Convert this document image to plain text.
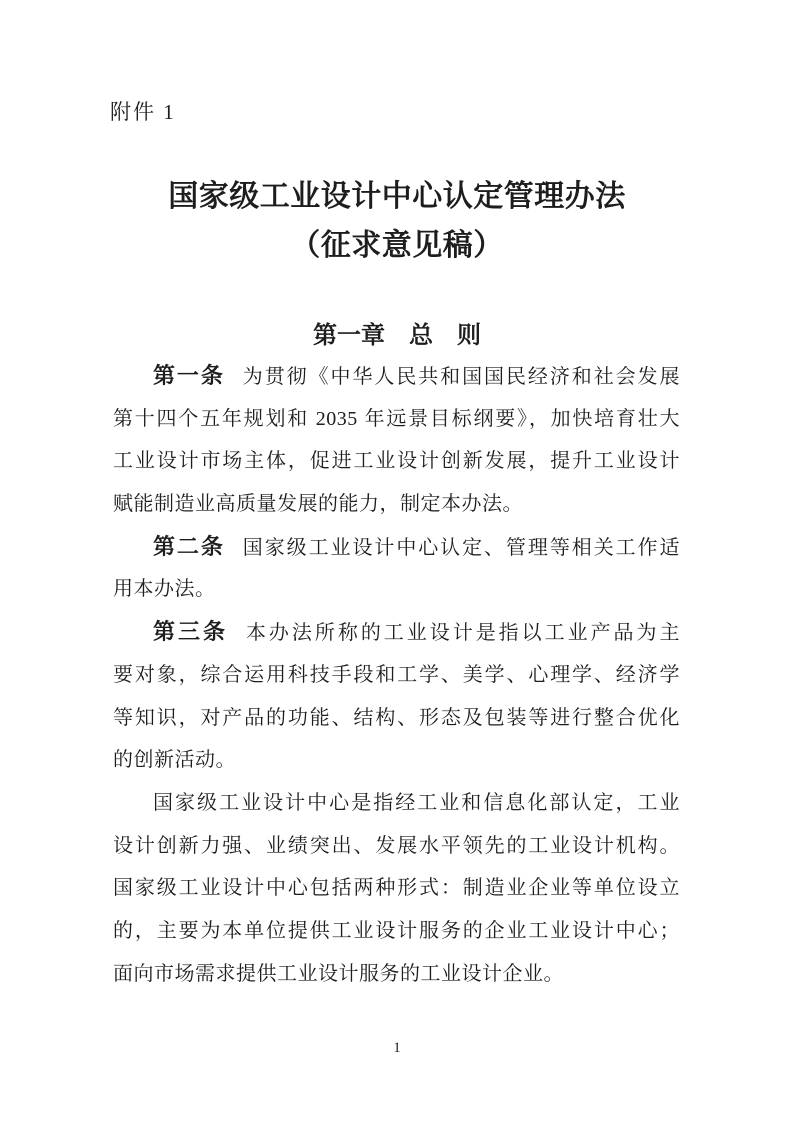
附件 1
国家级工业设计中心认定管理办法
（征求意见稿）
第一章　总　则
第一条 为贯彻《中华人民共和国国民经济和社会发展
第十四个五年规划和 2035 年远景目标纲要》，加快培育壮大
工业设计市场主体，促进工业设计创新发展，提升工业设计
赋能制造业高质量发展的能力，制定本办法。
第二条 国家级工业设计中心认定、管理等相关工作适
用本办法。
第三条 本办法所称的工业设计是指以工业产品为主
要对象，综合运用科技手段和工学、美学、心理学、经济学
等知识，对产品的功能、结构、形态及包装等进行整合优化
的创新活动。
国家级工业设计中心是指经工业和信息化部认定，工业
设计创新力强、业绩突出、发展水平领先的工业设计机构。
国家级工业设计中心包括两种形式：制造业企业等单位设立
的，主要为本单位提供工业设计服务的企业工业设计中心；
面向市场需求提供工业设计服务的工业设计企业。
1
